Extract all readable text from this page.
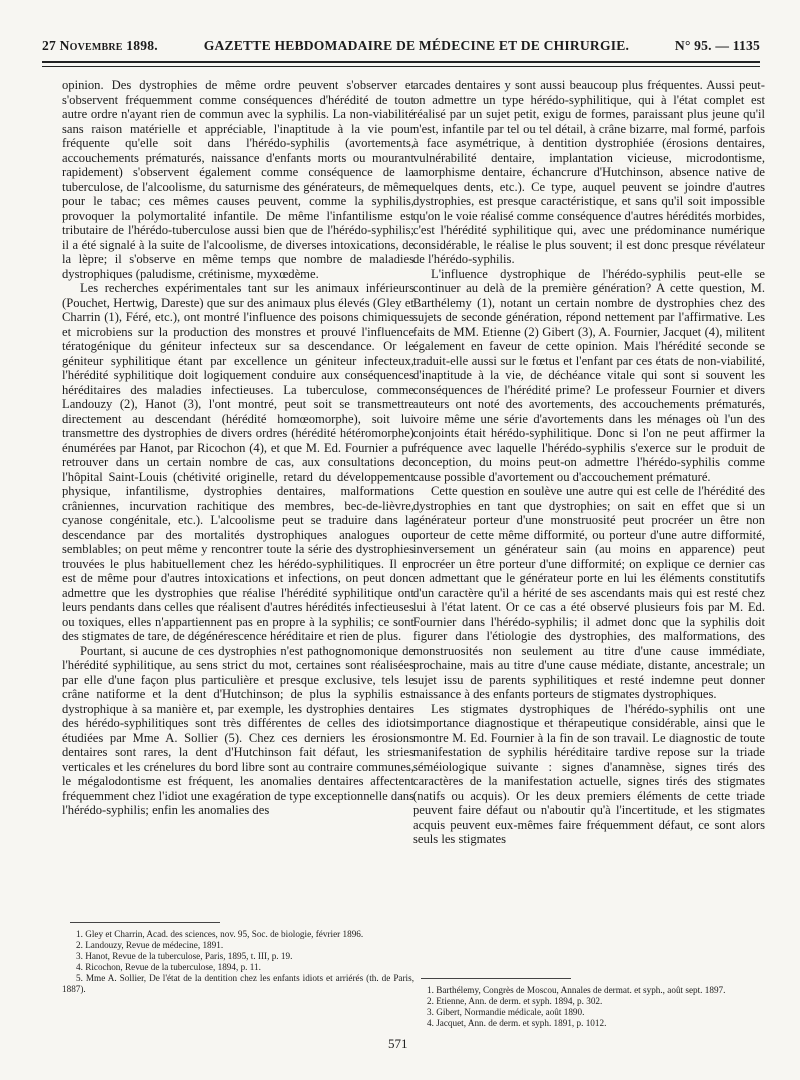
27 Novembre 1898.	GAZETTE HEBDOMADAIRE DE MÉDECINE ET DE CHIRURGIE.	N° 95. — 1135

opinion. Des dystrophies de même ordre peuvent s'observer et s'observent fréquemment comme conséquences d'hérédité de tout autre ordre n'ayant rien de commun avec la syphilis. La non-viabilité sans raison matérielle et appréciable, l'inaptitude à la vie pour fréquente qu'elle soit dans l'hérédo-syphilis (avortements, accouchements prématurés, naissance d'enfants morts ou mourant rapidement) s'observent également comme conséquence de la tuberculose, de l'alcoolisme, du saturnisme des générateurs, de même pour le tabac; ces mêmes causes peuvent, comme la syphilis, provoquer la polymortalité infantile. De même l'infantilisme est tributaire de l'hérédo-tuberculose aussi bien que de l'hérédo-syphilis; il a été signalé à la suite de l'alcoolisme, de diverses intoxications, de la lèpre; il s'observe en même temps que nombre de maladies dystrophiques (paludisme, crétinisme, myxœdème.

Les recherches expérimentales tant sur les animaux inférieurs (Pouchet, Hertwig, Dareste) que sur des animaux plus élevés (Gley et Charrin (1), Féré, etc.), ont montré l'influence des poisons chimiques et microbiens sur la production des monstres et prouvé l'influence tératogénique du géniteur infecteux sur sa descendance. Or le géniteur syphilitique étant par excellence un géniteur infecteux, l'hérédité syphilitique doit logiquement conduire aux conséquences héréditaires des maladies infectieuses. La tuberculose, comme Landouzy (2), Hanot (3), l'ont montré, peut soit se transmettre directement au descendant (hérédité homœomorphe), soit lui transmettre des dystrophies de divers ordres (hérédité hétéromorphe) énumérées par Hanot, par Ricochon (4), et que M. Ed. Fournier a pu retrouver dans un certain nombre de cas, aux consultations de l'hôpital Saint-Louis (chétivité originelle, retard du développement physique, infantilisme, dystrophies dentaires, malformations crâniennes, incurvation rachitique des membres, bec-de-lièvre, cyanose congénitale, etc.). L'alcoolisme peut se traduire dans la descendance par des mortalités dystrophiques analogues ou semblables; on peut même y rencontrer toute la série des dystrophies trouvées le plus habituellement chez les hérédo-syphilitiques. Il en est de même pour d'autres intoxications et infections, on peut donc admettre que les dystrophies que réalise l'hérédité syphilitique ont leurs pendants dans celles que réalisent d'autres hérédités infectieuses ou toxiques, elles n'appartiennent pas en propre à la syphilis; ce sont des stigmates de tare, de dégénérescence héréditaire et rien de plus.

Pourtant, si aucune de ces dystrophies n'est pathognomonique de l'hérédité syphilitique, au sens strict du mot, certaines sont réalisées par elle d'une façon plus particulière et presque exclusive, tels le crâne natiforme et la dent d'Hutchinson; de plus la syphilis est dystrophique à sa manière et, par exemple, les dystrophies dentaires des hérédo-syphilitiques sont très différentes de celles des idiots étudiées par Mme A. Sollier (5). Chez ces derniers les érosions dentaires sont rares, la dent d'Hutchinson fait défaut, les stries verticales et les crénelures du bord libre sont au contraire communes, le mégalodontisme est fréquent, les anomalies dentaires affectent fréquemment chez l'idiot une exagération de type exceptionnelle dans l'hérédo-syphilis; enfin les anomalies des

arcades dentaires y sont aussi beaucoup plus fréquentes. Aussi peut-on admettre un type hérédo-syphilitique, qui à l'état complet est réalisé par un sujet petit, exigu de formes, paraissant plus jeune qu'il n'est, infantile par tel ou tel détail, à crâne bizarre, mal formé, parfois à face asymétrique, à dentition dystrophiée (érosions dentaires, vulnérabilité dentaire, implantation vicieuse, microdontisme, amorphisme dentaire, échancrure d'Hutchinson, absence native de quelques dents, etc.). Ce type, auquel peuvent se joindre d'autres dystrophies, est presque caractéristique, et sans qu'il soit impossible qu'on le voie réalisé comme conséquence d'autres hérédités morbides, c'est l'hérédité syphilitique qui, avec une prédominance numérique considérable, le réalise le plus souvent; il est donc presque révélateur de l'hérédo-syphilis.

L'influence dystrophique de l'hérédo-syphilis peut-elle se continuer au delà de la première génération? A cette question, M. Barthélemy (1), notant un certain nombre de dystrophies chez des sujets de seconde génération, répond nettement par l'affirmative. Les faits de MM. Etienne (2) Gibert (3), A. Fournier, Jacquet (4), militent également en faveur de cette opinion. Mais l'hérédité seconde se traduit-elle aussi sur le fœtus et l'enfant par ces états de non-viabilité, d'inaptitude à la vie, de déchéance vitale qui sont si souvent les conséquences de l'hérédité prime? Le professeur Fournier et divers auteurs ont noté des avortements, des accouchements prématurés, voire même une série d'avortements dans les ménages où l'un des conjoints était hérédo-syphilitique. Donc si l'on ne peut affirmer la fréquence avec laquelle l'hérédo-syphilis s'exerce sur le produit de conception, du moins peut-on admettre l'hérédo-syphilis comme cause possible d'avortement ou d'accouchement prématuré.

Cette question en soulève une autre qui est celle de l'hérédité des dystrophies en tant que dystrophies; on sait en effet que si un générateur porteur d'une monstruosité peut procréer un être non porteur de cette même difformité, ou porteur d'une autre difformité, inversement un générateur sain (au moins en apparence) peut procréer un être porteur d'une difformité; on explique ce dernier cas en admettant que le générateur porte en lui les éléments constitutifs d'un caractère qu'il a hérité de ses ascendants mais qui est resté chez lui à l'état latent. Or ce cas a été observé plusieurs fois par M. Ed. Fournier dans l'hérédo-syphilis; il admet donc que la syphilis doit figurer dans l'étiologie des dystrophies, des malformations, des monstruosités non seulement au titre d'une cause immédiate, prochaine, mais au titre d'une cause médiate, distante, ancestrale; un sujet issu de parents syphilitiques et resté indemne peut donner naissance à des enfants porteurs de stigmates dystrophiques.

Les stigmates dystrophiques de l'hérédo-syphilis ont une importance diagnostique et thérapeutique considérable, ainsi que le montre M. Ed. Fournier à la fin de son travail. Le diagnostic de toute manifestation de syphilis héréditaire tardive repose sur la triade séméiologique suivante : signes d'anamnèse, signes tirés des caractères de la manifestation actuelle, signes tirés des stigmates (natifs ou acquis). Or les deux premiers éléments de cette triade peuvent faire défaut ou n'aboutir qu'à l'incertitude, et les stigmates acquis peuvent eux-mêmes faire fréquemment défaut, ce sont alors seuls les stigmates

1. Gley et Charrin, Acad. des sciences, nov. 95, Soc. de biologie, février 1896.

2. Landouzy, Revue de médecine, 1891.

3. Hanot, Revue de la tuberculose, Paris, 1895, t. III, p. 19.

4. Ricochon, Revue de la tuberculose, 1894, p. 11.

5. Mme A. Sollier, De l'état de la dentition chez les enfants idiots et arriérés (th. de Paris, 1887).	1. Barthélemy, Congrès de Moscou, Annales de dermat. et syph., août sept. 1897.

2. Etienne, Ann. de derm. et syph. 1894, p. 302.

3. Gibert, Normandie médicale, août 1890.

4. Jacquet, Ann. de derm. et syph. 1891, p. 1012.

571
